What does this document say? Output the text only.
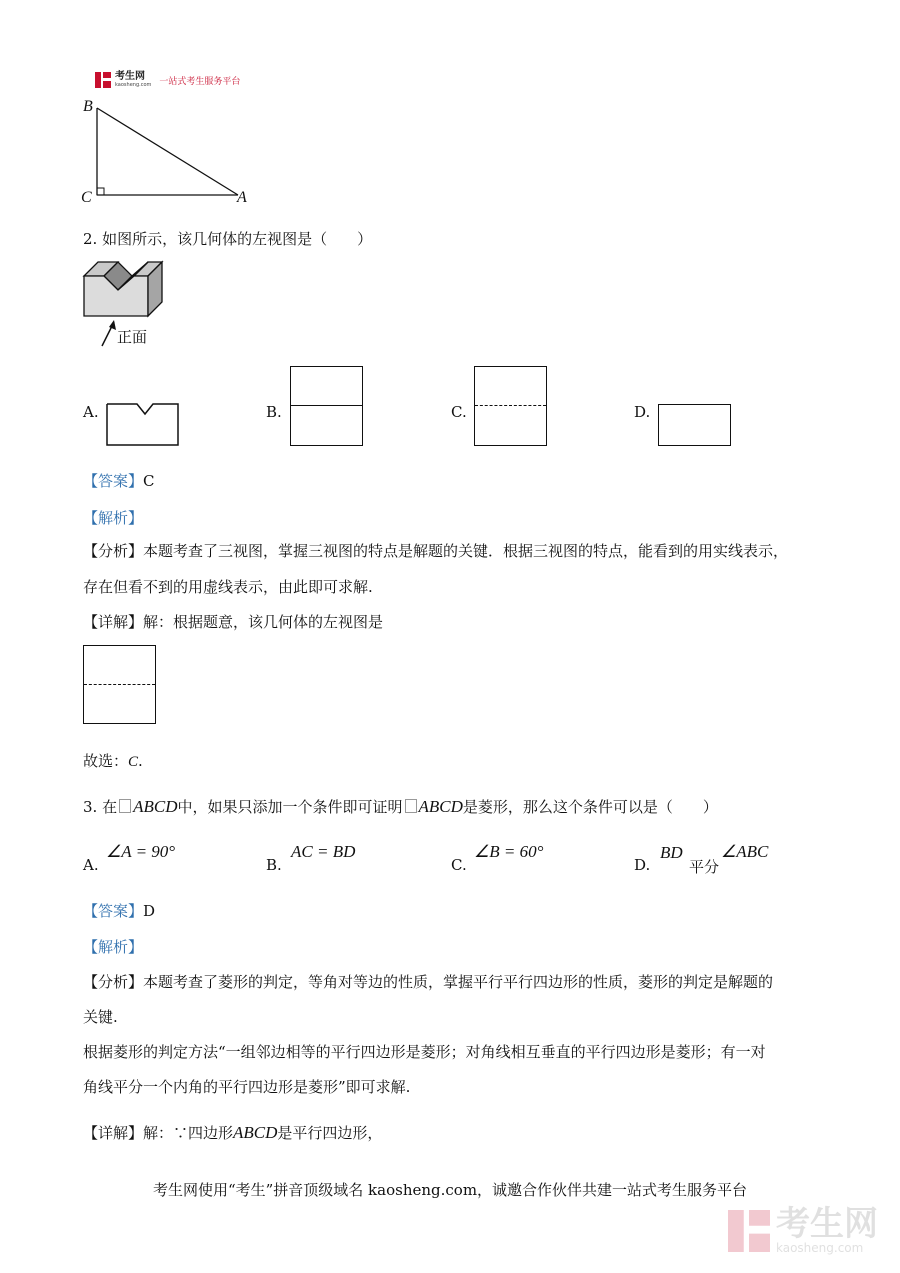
考生网
kaosheng.com 一站式考生服务平台
B
C	A
2. 如图所示，该几何体的左视图是（　　）
正面
A.	B.	C.	D.
【答案】C
【解析】
【分析】本题考查了三视图，掌握三视图的特点是解题的关键．根据三视图的特点，能看到的用实线表示，
存在但看不到的用虚线表示，由此即可求解.
【详解】解：根据题意，该几何体的左视图是
故选：C.
3. 在 ABCD中，如果只添加一个条件即可证明 ABCD是菱形，那么这个条件可以是（　　）
A.
∠A = 90°
B.
AC = BD
C.
∠B = 60°
D.
BD
平分
∠ABC
【答案】D
【解析】
【分析】本题考查了菱形的判定，等角对等边的性质，掌握平行平行四边形的性质，菱形的判定是解题的
关键.
根据菱形的判定方法“一组邻边相等的平行四边形是菱形；对角线相互垂直的平行四边形是菱形；有一对
角线平分一个内角的平行四边形是菱形”即可求解.
【详解】解：∵四边形ABCD是平行四边形，
考生网使用“考生”拼音顶级域名 kaosheng.com，诚邀合作伙伴共建一站式考生服务平台
考生网
kaosheng.com
